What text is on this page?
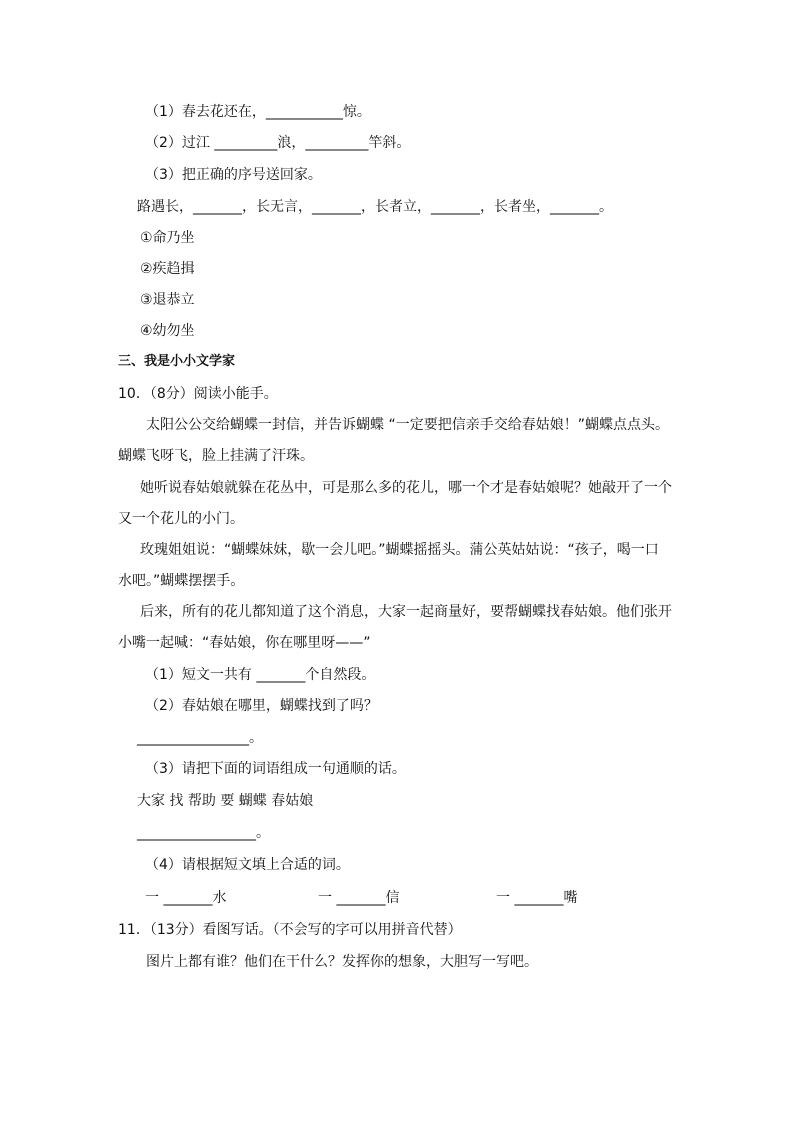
（1）春去花还在，___________惊。
（2）过江 _________浪，_________竿斜。
（3）把正确的序号送回家。
路遇长，_______，长无言，_______，长者立，_______，长者坐，_______。
①命乃坐
②疾趋揖
③退恭立
④幼勿坐
三、我是小小文学家
10．（8分）阅读小能手。
太阳公公交给蝴蝶一封信，并告诉蝴蝶 “一定要把信亲手交给春姑娘！”蝴蝶点点头。
蝴蝶飞呀飞，脸上挂满了汗珠。
她听说春姑娘就躲在花丛中，可是那么多的花儿，哪一个才是春姑娘呢？她敲开了一个
又一个花儿的小门。
玫瑰姐姐说：“蝴蝶妹妹，歇一会儿吧。”蝴蝶摇摇头。蒲公英姑姑说：“孩子，喝一口
水吧。”蝴蝶摆摆手。
后来，所有的花儿都知道了这个消息，大家一起商量好，要帮蝴蝶找春姑娘。他们张开
小嘴一起喊：“春姑娘，你在哪里呀——”
（1）短文一共有 _______个自然段。
（2）春姑娘在哪里，蝴蝶找到了吗？
________________。
（3）请把下面的词语组成一句通顺的话。
大家 找 帮助 要 蝴蝶 春姑娘
_________________。
（4）请根据短文填上合适的词。
一 _______水	一 _______信	一 _______嘴
11．（13分）看图写话。（不会写的字可以用拼音代替）
图片上都有谁？他们在干什么？发挥你的想象，大胆写一写吧。
